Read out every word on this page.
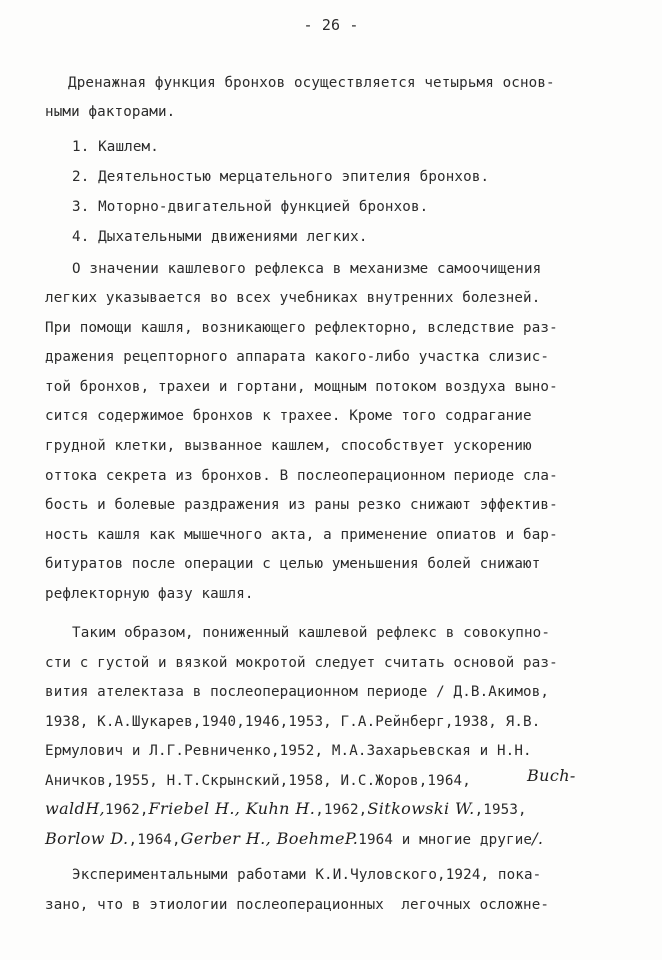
- 26 -
Дренажная функция бронхов осуществляется четырьмя основ-
ными факторами.
1. Кашлем.
2. Деятельностью мерцательного эпителия бронхов.
3. Моторно-двигательной функцией бронхов.
4. Дыхательными движениями легких.
О значении кашлевого рефлекса в механизме самоочищения
легких указывается во всех учебниках внутренних болезней.
При помощи кашля, возникающего рефлекторно, вследствие раз-
дражения рецепторного аппарата какого-либо участка слизис-
той бронхов, трахеи и гортани, мощным потоком воздуха выно-
сится содержимое бронхов к трахее. Кроме того содрагание
грудной клетки, вызванное кашлем, способствует ускорению
оттока секрета из бронхов. В послеоперационном периоде сла-
бость и болевые раздражения из раны резко снижают эффектив-
ность кашля как мышечного акта, а применение опиатов и бар-
битуратов после операции с целью уменьшения болей снижают
рефлекторную фазу кашля.
Таким образом, пониженный кашлевой рефлекс в совокупно-
сти с густой и вязкой мокротой следует считать основой раз-
вития ателектаза в послеоперационном периоде / Д.В.Акимов,
1938, К.А.Шукарев,1940,1946,1953, Г.А.Рейнберг,1938, Я.В.
Ермулович и Л.Г.Ревниченко,1952, М.А.Захарьевская и Н.Н.
Аничков,1955, Н.Т.Скрынский,1958, И.С.Жоров,1964,	Buch-
waldH,1962,Friebel H., Kuhn H.,1962,Sitkowski W.,1953,
Borlow D.,1964,Gerber H., BoehmeP.1964 и многие другие/.
Экспериментальными работами К.И.Чуловского,1924, пока-
зано, что в этиологии послеоперационных  легочных осложне-
